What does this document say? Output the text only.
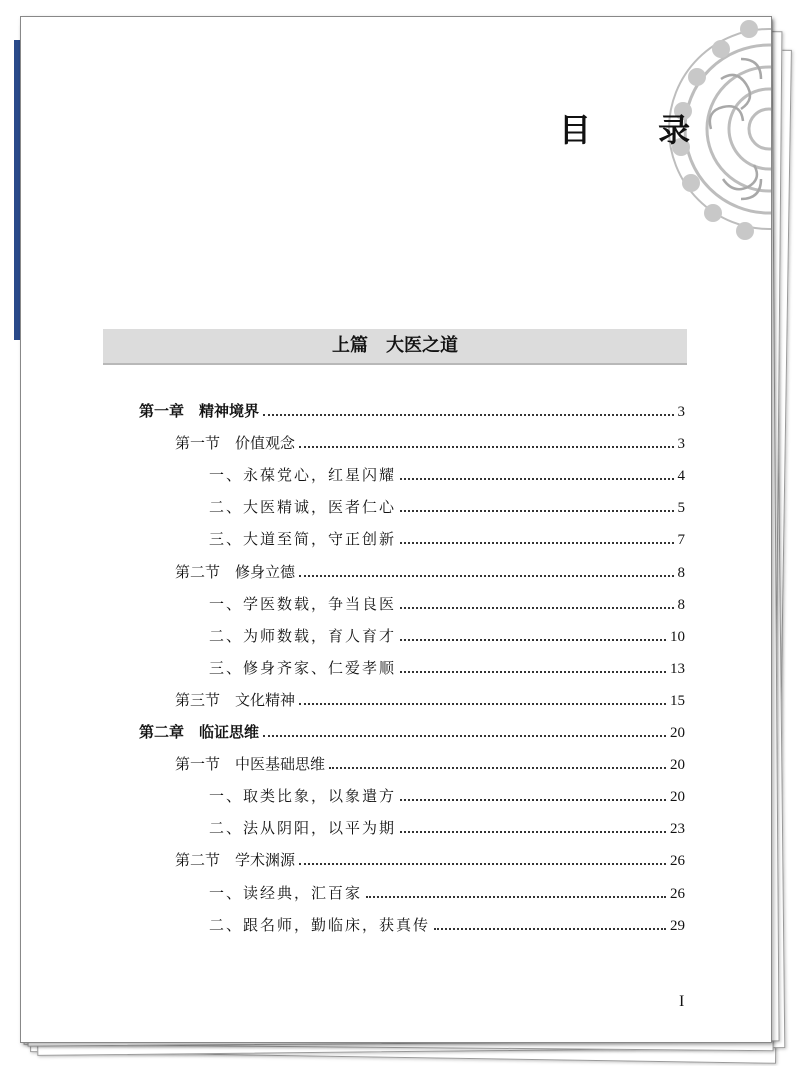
目 录
上篇　大医之道
第一章　精神境界	3
第一节　价值观念	3
一、永葆党心，红星闪耀	4
二、大医精诚，医者仁心	5
三、大道至简，守正创新	7
第二节　修身立德	8
一、学医数载，争当良医	8
二、为师数载，育人育才	10
三、修身齐家、仁爱孝顺	13
第三节　文化精神	15
第二章　临证思维	20
第一节　中医基础思维	20
一、取类比象，以象遣方	20
二、法从阴阳，以平为期	23
第二节　学术渊源	26
一、读经典，汇百家	26
二、跟名师，勤临床，获真传	29
I
